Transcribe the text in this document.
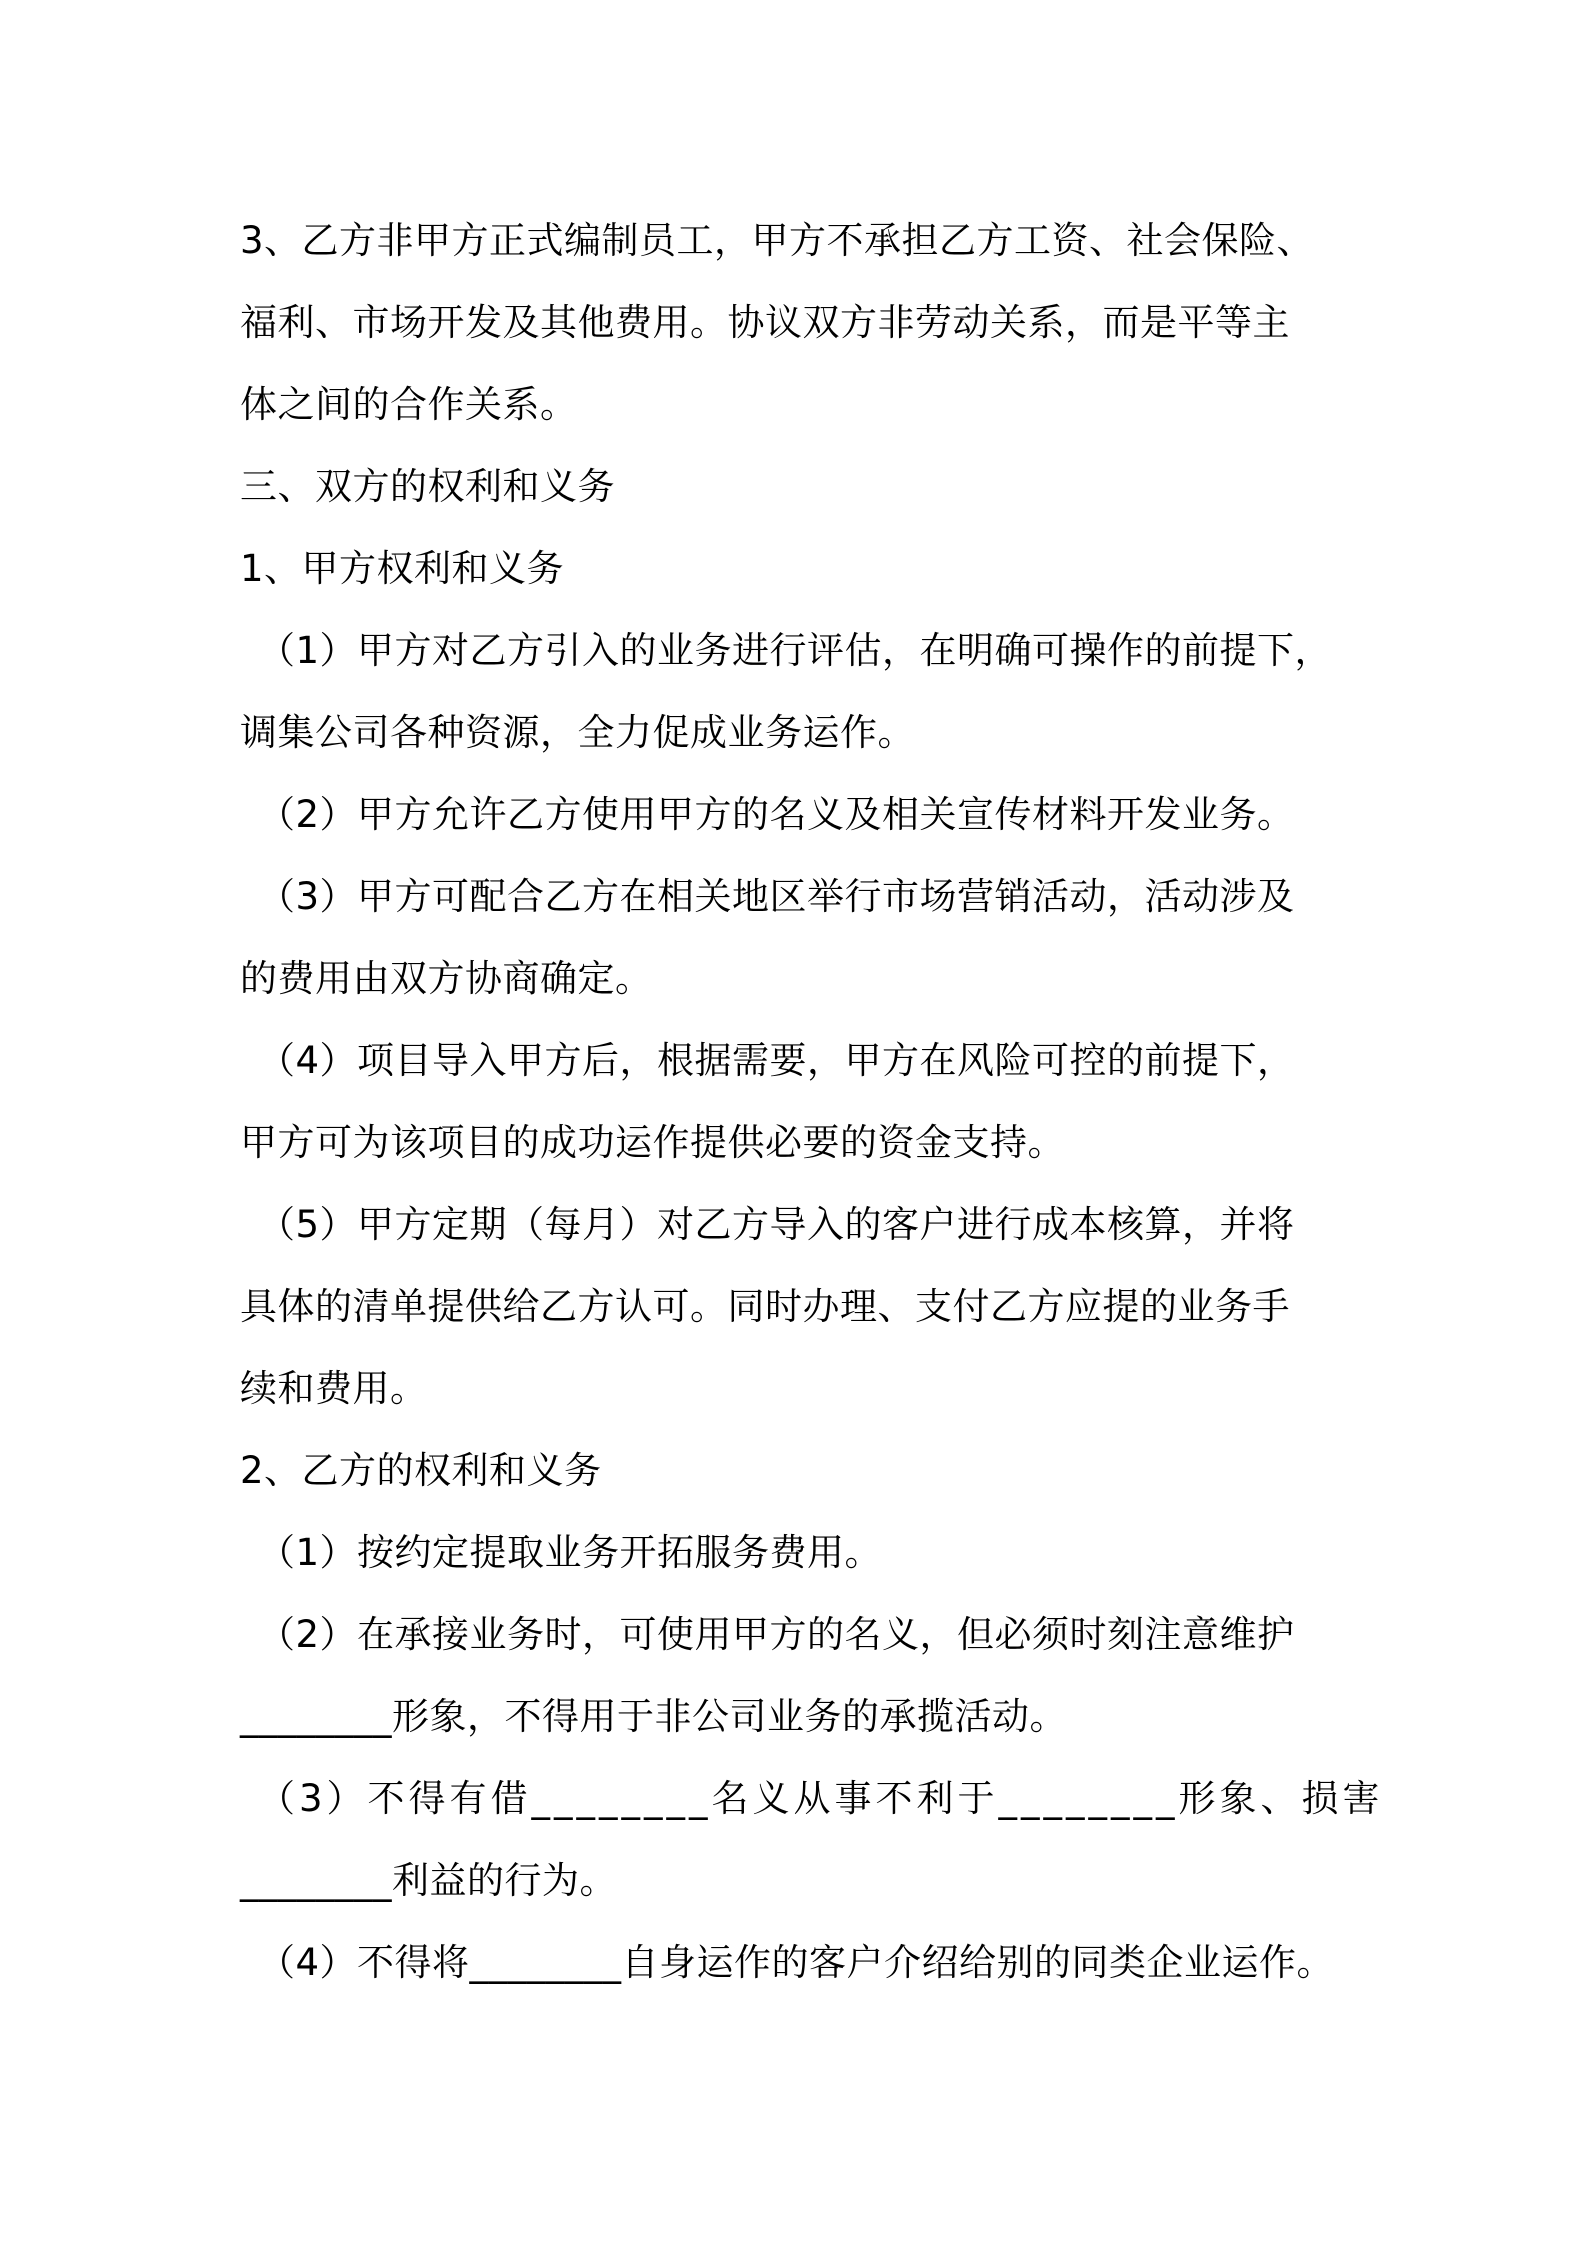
3、乙方非甲方正式编制员工，甲方不承担乙方工资、社会保险、
福利、市场开发及其他费用。协议双方非劳动关系，而是平等主
体之间的合作关系。
三、双方的权利和义务
1、甲方权利和义务
（1）甲方对乙方引入的业务进行评估，在明确可操作的前提下，
调集公司各种资源，全力促成业务运作。
（2）甲方允许乙方使用甲方的名义及相关宣传材料开发业务。
（3）甲方可配合乙方在相关地区举行市场营销活动，活动涉及
的费用由双方协商确定。
（4）项目导入甲方后，根据需要，甲方在风险可控的前提下，
甲方可为该项目的成功运作提供必要的资金支持。
（5）甲方定期（每月）对乙方导入的客户进行成本核算，并将
具体的清单提供给乙方认可。同时办理、支付乙方应提的业务手
续和费用。
2、乙方的权利和义务
（1）按约定提取业务开拓服务费用。
（2）在承接业务时，可使用甲方的名义，但必须时刻注意维护
________形象，不得用于非公司业务的承揽活动。
（3）不得有借________名义从事不利于________形象、损害
________利益的行为。
（4）不得将________自身运作的客户介绍给别的同类企业运作。
